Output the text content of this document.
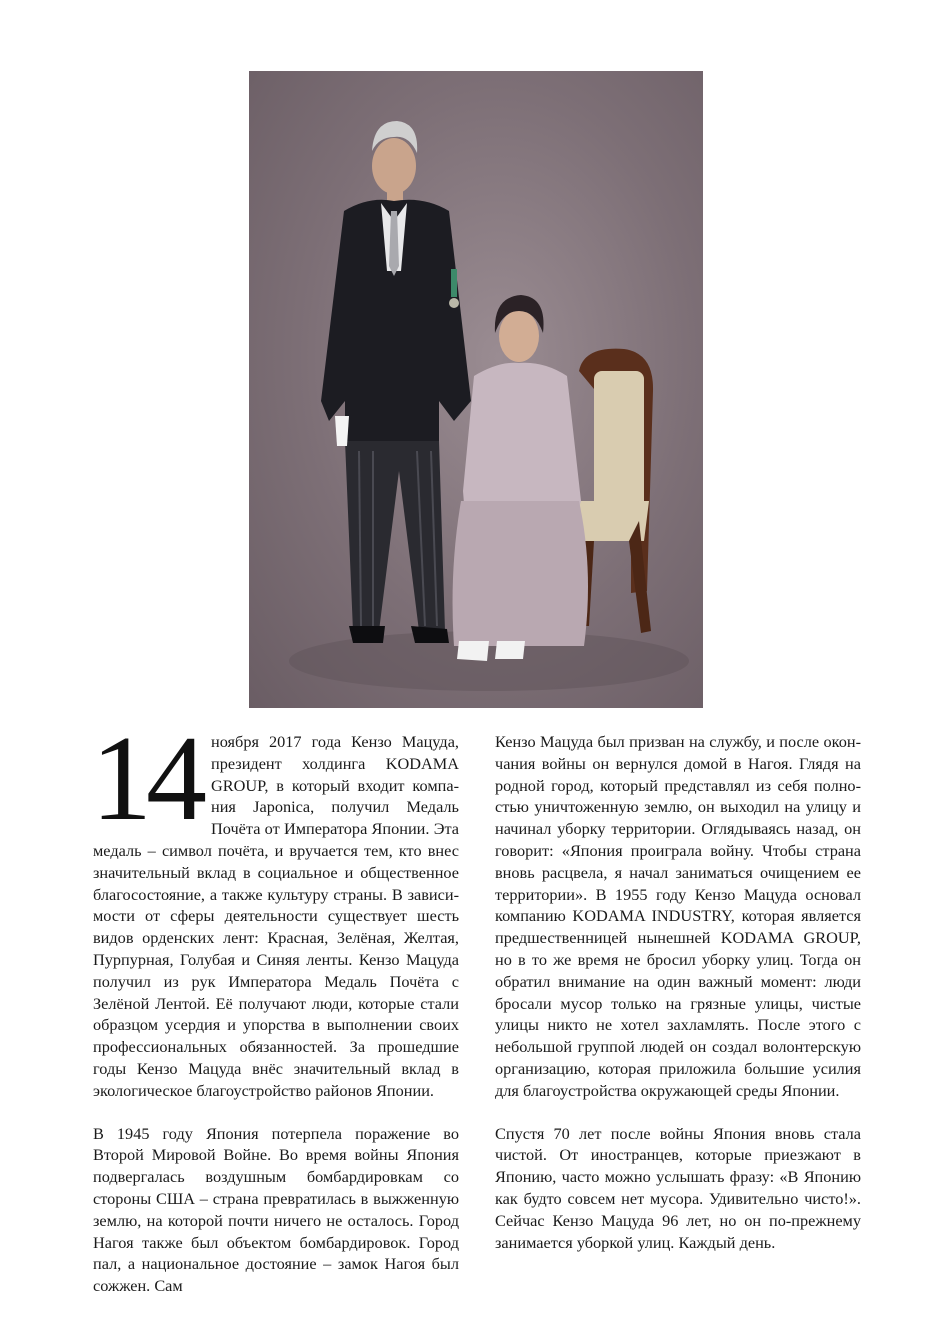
14 ноября 2017 года Кензо Мацуда, президент холдинга KODAMA GROUP, в который входит компания Japonica, получил Медаль Почёта от Императора Японии. Эта медаль – символ почёта, и вручается тем, кто внес значительный вклад в социальное и общественное благосостояние, а также культуру страны. В зависимости от сферы деятельности существует шесть видов орденских лент: Красная, Зелёная, Желтая, Пурпурная, Голубая и Синяя ленты. Кензо Мацуда получил из рук Императора Медаль Почёта с Зелёной Лентой. Её получают люди, которые стали образцом усердия и упорства в выполнении своих профессиональных обязанностей. За прошедшие годы Кензо Мацуда внёс значительный вклад в экологическое благоустройство районов Японии.

В 1945 году Япония потерпела поражение во Второй Мировой Войне. Во время войны Япония подвергалась воздушным бомбардировкам со стороны США – страна превратилась в выжженную землю, на которой почти ничего не осталось. Город Нагоя также был объектом бомбардировок. Город пал, а национальное достояние – замок Нагоя был сожжен. Сам

Кензо Мацуда был призван на службу, и после окончания войны он вернулся домой в Нагоя. Глядя на родной город, который представлял из себя полностью уничтоженную землю, он выходил на улицу и начинал уборку территории. Оглядываясь назад, он говорит: «Япония проиграла войну. Чтобы страна вновь расцвела, я начал заниматься очищением ее территории». В 1955 году Кензо Мацуда основал компанию KODAMA INDUSTRY, которая является предшественницей нынешней KODAMA GROUP, но в то же время не бросил уборку улиц. Тогда он обратил внимание на один важный момент: люди бросали мусор только на грязные улицы, чистые улицы никто не хотел захламлять. После этого с небольшой группой людей он создал волонтерскую организацию, которая приложила большие усилия для благоустройства окружающей среды Японии.

Спустя 70 лет после войны Япония вновь стала чистой. От иностранцев, которые приезжают в Японию, часто можно услышать фразу: «В Японию как будто совсем нет мусора. Удивительно чисто!». Сейчас Кензо Мацуда 96 лет, но он по-прежнему занимается уборкой улиц. Каждый день.
